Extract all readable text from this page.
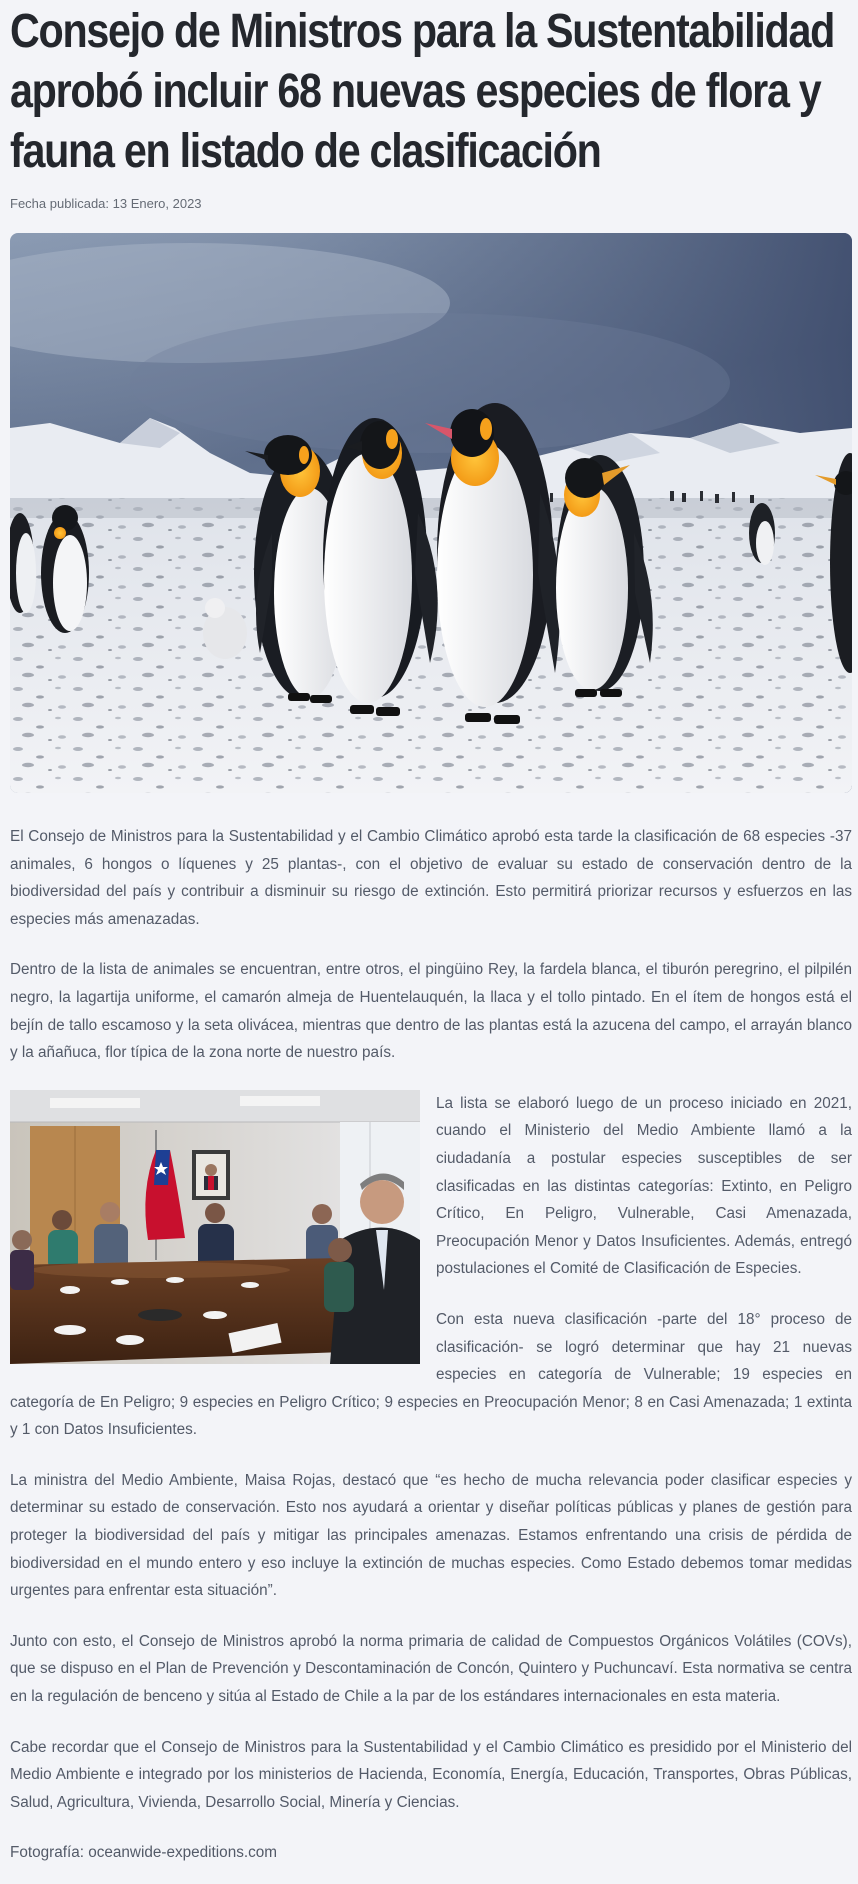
Consejo de Ministros para la Sustentabilidad aprobó incluir 68 nuevas especies de flora y fauna en listado de clasificación
Fecha publicada: 13 Enero, 2023

El Consejo de Ministros para la Sustentabilidad y el Cambio Climático aprobó esta tarde la clasificación de 68 especies -37 animales, 6 hongos o líquenes y 25 plantas-, con el objetivo de evaluar su estado de conservación dentro de la biodiversidad del país y contribuir a disminuir su riesgo de extinción. Esto permitirá priorizar recursos y esfuerzos en las especies más amenazadas.

Dentro de la lista de animales se encuentran, entre otros, el pingüino Rey, la fardela blanca, el tiburón peregrino, el pilpilén negro, la lagartija uniforme, el camarón almeja de Huentelauquén, la llaca y el tollo pintado. En el ítem de hongos está el bejín de tallo escamoso y la seta olivácea, mientras que dentro de las plantas está la azucena del campo, el arrayán blanco y la añañuca, flor típica de la zona norte de nuestro país.

La lista se elaboró luego de un proceso iniciado en 2021, cuando el Ministerio del Medio Ambiente llamó a la ciudadanía a postular especies susceptibles de ser clasificadas en las distintas categorías: Extinto, en Peligro Crítico, En Peligro, Vulnerable, Casi Amenazada, Preocupación Menor y Datos Insuficientes. Además, entregó postulaciones el Comité de Clasificación de Especies.

Con esta nueva clasificación -parte del 18° proceso de clasificación- se logró determinar que hay 21 nuevas especies en categoría de Vulnerable; 19 especies en categoría de En Peligro; 9 especies en Peligro Crítico; 9 especies en Preocupación Menor; 8 en Casi Amenazada; 1 extinta y 1 con Datos Insuficientes.

La ministra del Medio Ambiente, Maisa Rojas, destacó que “es hecho de mucha relevancia poder clasificar especies y determinar su estado de conservación. Esto nos ayudará a orientar y diseñar políticas públicas y planes de gestión para proteger la biodiversidad del país y mitigar las principales amenazas. Estamos enfrentando una crisis de pérdida de biodiversidad en el mundo entero y eso incluye la extinción de muchas especies. Como Estado debemos tomar medidas urgentes para enfrentar esta situación”.

Junto con esto, el Consejo de Ministros aprobó la norma primaria de calidad de Compuestos Orgánicos Volátiles (COVs), que se dispuso en el Plan de Prevención y Descontaminación de Concón, Quintero y Puchuncaví. Esta normativa se centra en la regulación de benceno y sitúa al Estado de Chile a la par de los estándares internacionales en esta materia.

Cabe recordar que el Consejo de Ministros para la Sustentabilidad y el Cambio Climático es presidido por el Ministerio del Medio Ambiente e integrado por los ministerios de Hacienda, Economía, Energía, Educación, Transportes, Obras Públicas, Salud, Agricultura, Vivienda, Desarrollo Social, Minería y Ciencias.

Fotografía: oceanwide-expeditions.com
